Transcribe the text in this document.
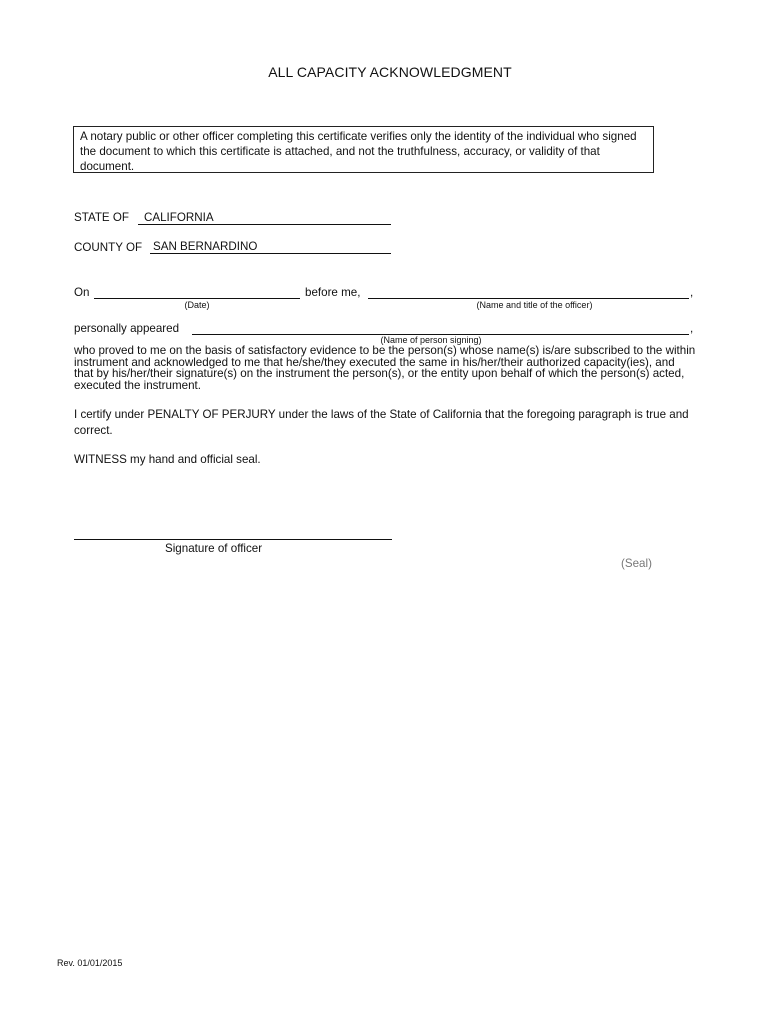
ALL CAPACITY ACKNOWLEDGMENT
A notary public or other officer completing this certificate verifies only the identity of the individual who signed the document to which this certificate is attached, and not the truthfulness, accuracy, or validity of that document.
STATE OF CALIFORNIA
COUNTY OF SAN BERNARDINO
On	before me,	,
(Date)	(Name and title of the officer)
personally appeared	,
(Name of person signing)
who proved to me on the basis of satisfactory evidence to be the person(s) whose name(s) is/are subscribed to the within instrument and acknowledged to me that he/she/they executed the same in his/her/their authorized capacity(ies), and that by his/her/their signature(s) on the instrument the person(s), or the entity upon behalf of which the person(s) acted, executed the instrument.
I certify under PENALTY OF PERJURY under the laws of the State of California that the foregoing paragraph is true and correct.
WITNESS my hand and official seal.
Signature of officer
(Seal)
Rev. 01/01/2015
